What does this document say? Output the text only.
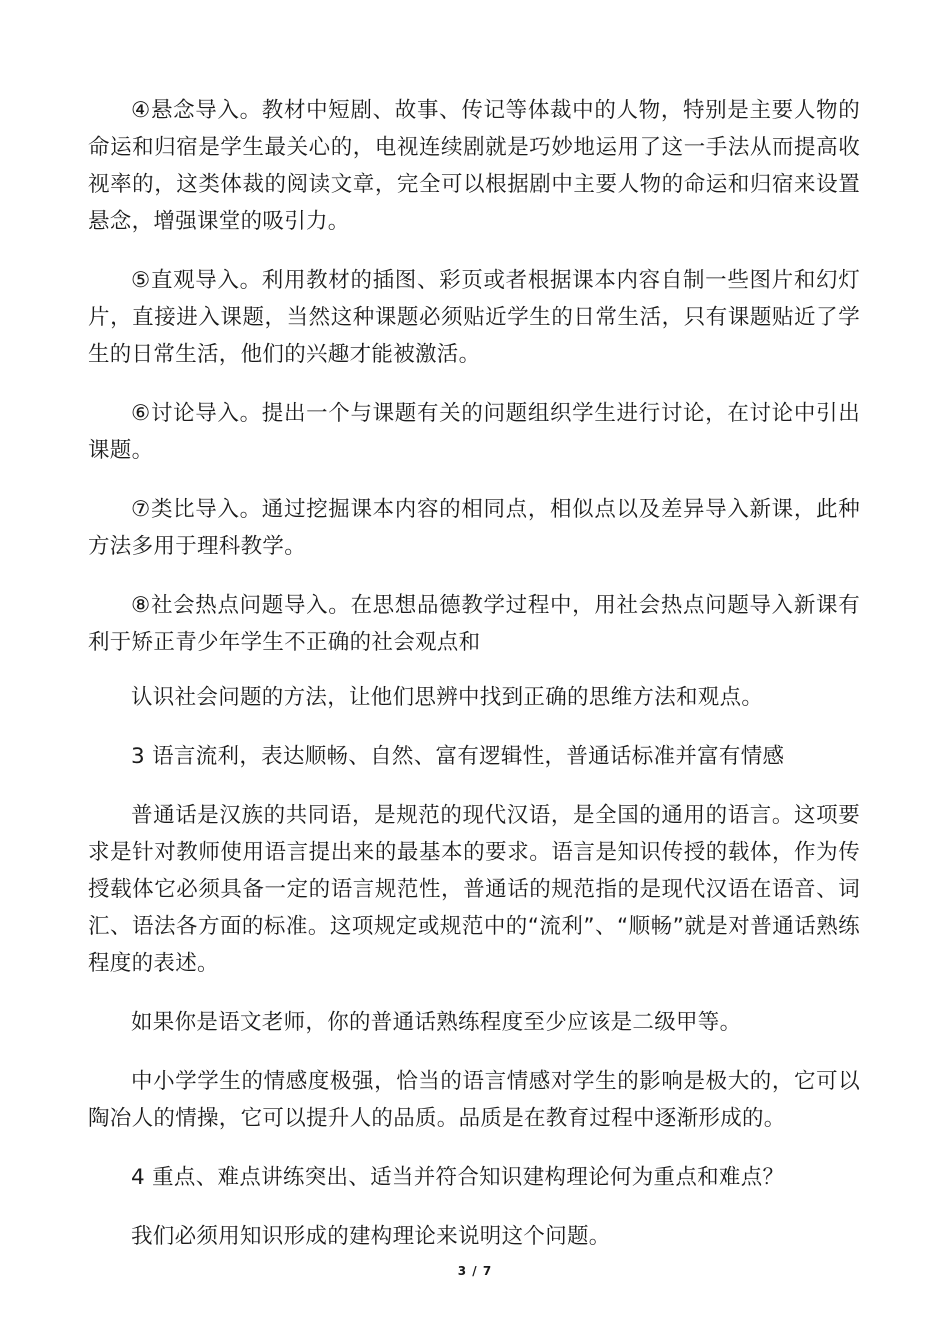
④悬念导入。教材中短剧、故事、传记等体裁中的人物，特别是主要人物的命运和归宿是学生最关心的，电视连续剧就是巧妙地运用了这一手法从而提高收视率的，这类体裁的阅读文章，完全可以根据剧中主要人物的命运和归宿来设置悬念，增强课堂的吸引力。

⑤直观导入。利用教材的插图、彩页或者根据课本内容自制一些图片和幻灯片，直接进入课题，当然这种课题必须贴近学生的日常生活，只有课题贴近了学生的日常生活，他们的兴趣才能被激活。

⑥讨论导入。提出一个与课题有关的问题组织学生进行讨论，在讨论中引出课题。

⑦类比导入。通过挖掘课本内容的相同点，相似点以及差异导入新课，此种方法多用于理科教学。

⑧社会热点问题导入。在思想品德教学过程中，用社会热点问题导入新课有利于矫正青少年学生不正确的社会观点和

认识社会问题的方法，让他们思辨中找到正确的思维方法和观点。

3 语言流利，表达顺畅、自然、富有逻辑性，普通话标准并富有情感

普通话是汉族的共同语，是规范的现代汉语，是全国的通用的语言。这项要求是针对教师使用语言提出来的最基本的要求。语言是知识传授的载体，作为传授载体它必须具备一定的语言规范性，普通话的规范指的是现代汉语在语音、词汇、语法各方面的标准。这项规定或规范中的“流利”、“顺畅”就是对普通话熟练程度的表述。

如果你是语文老师，你的普通话熟练程度至少应该是二级甲等。

中小学学生的情感度极强，恰当的语言情感对学生的影响是极大的，它可以陶冶人的情操，它可以提升人的品质。品质是在教育过程中逐渐形成的。

4 重点、难点讲练突出、适当并符合知识建构理论何为重点和难点？

我们必须用知识形成的建构理论来说明这个问题。

3 / 7
